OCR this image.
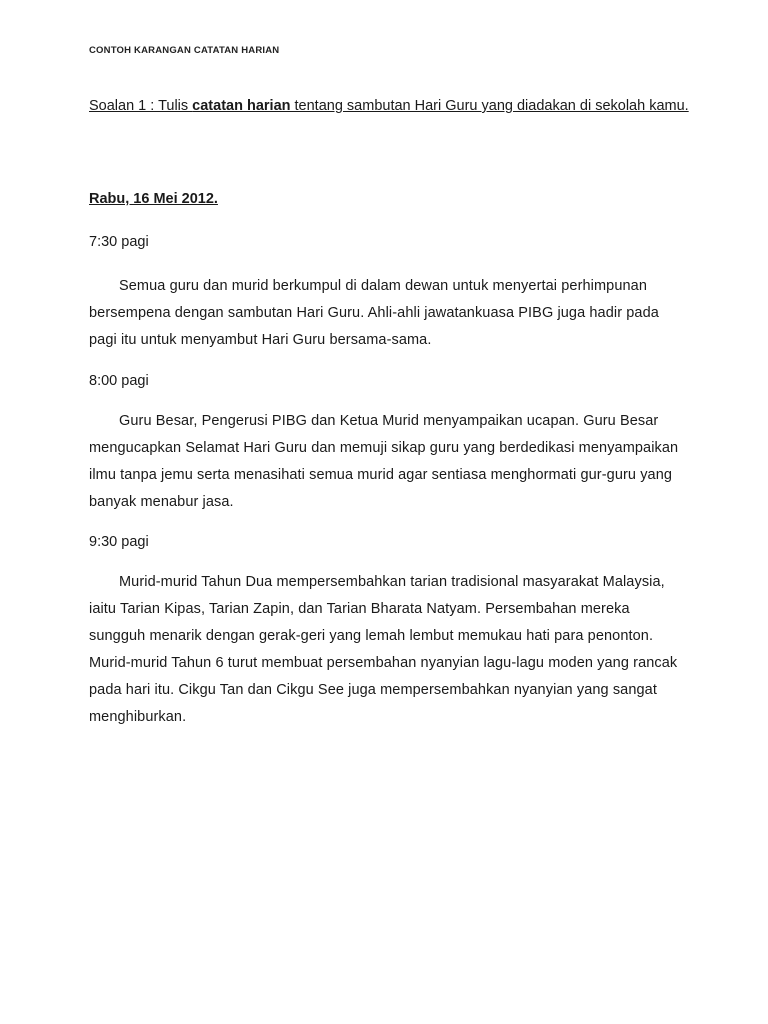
CONTOH KARANGAN CATATAN HARIAN
Soalan 1 : Tulis catatan harian tentang sambutan Hari Guru yang diadakan di sekolah kamu.
Rabu, 16 Mei 2012.
7:30 pagi
Semua guru dan murid berkumpul di dalam dewan untuk menyertai perhimpunan bersempena dengan sambutan Hari Guru. Ahli-ahli jawatankuasa PIBG juga hadir pada pagi itu untuk menyambut Hari Guru bersama-sama.
8:00 pagi
Guru Besar, Pengerusi PIBG dan Ketua Murid menyampaikan ucapan. Guru Besar mengucapkan Selamat Hari Guru dan memuji sikap guru yang berdedikasi menyampaikan ilmu tanpa jemu serta menasihati semua murid agar sentiasa menghormati gur-guru yang banyak menabur jasa.
9:30 pagi
Murid-murid Tahun Dua mempersembahkan tarian tradisional masyarakat Malaysia, iaitu Tarian Kipas, Tarian Zapin, dan Tarian Bharata Natyam. Persembahan mereka sungguh menarik dengan gerak-geri yang lemah lembut memukau hati para penonton. Murid-murid Tahun 6 turut membuat persembahan nyanyian lagu-lagu moden yang rancak pada hari itu. Cikgu Tan dan Cikgu See juga mempersembahkan nyanyian yang sangat menghiburkan.
